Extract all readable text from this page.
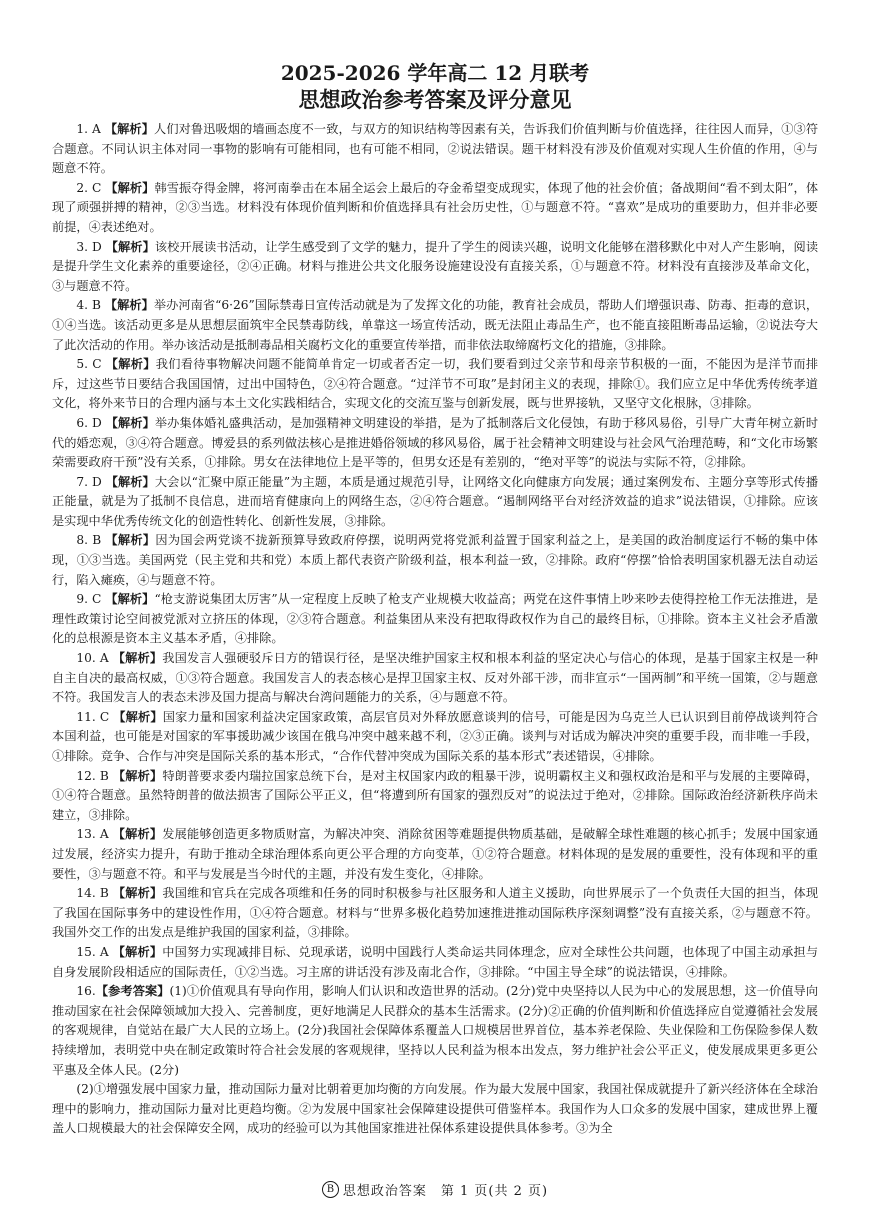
2025-2026 学年高二 12 月联考
思想政治参考答案及评分意见

1. A 【解析】人们对鲁迅吸烟的墙画态度不一致，与双方的知识结构等因素有关，告诉我们价值判断与价值选择，往往因人而异，①③符合题意。不同认识主体对同一事物的影响有可能相同，也有可能不相同，②说法错误。题干材料没有涉及价值观对实现人生价值的作用，④与题意不符。

2. C 【解析】韩雪振夺得金牌，将河南拳击在本届全运会上最后的夺金希望变成现实，体现了他的社会价值；备战期间“看不到太阳”，体现了顽强拼搏的精神，②③当选。材料没有体现价值判断和价值选择具有社会历史性，①与题意不符。“喜欢”是成功的重要助力，但并非必要前提，④表述绝对。

3. D 【解析】该校开展读书活动，让学生感受到了文学的魅力，提升了学生的阅读兴趣，说明文化能够在潜移默化中对人产生影响，阅读是提升学生文化素养的重要途径，②④正确。材料与推进公共文化服务设施建设没有直接关系，①与题意不符。材料没有直接涉及革命文化，③与题意不符。

4. B 【解析】举办河南省“6·26”国际禁毒日宣传活动就是为了发挥文化的功能，教育社会成员，帮助人们增强识毒、防毒、拒毒的意识，①④当选。该活动更多是从思想层面筑牢全民禁毒防线，单靠这一场宣传活动，既无法阻止毒品生产，也不能直接阻断毒品运输，②说法夸大了此次活动的作用。举办该活动是抵制毒品相关腐朽文化的重要宣传举措，而非依法取缔腐朽文化的措施，③排除。

5. C 【解析】我们看待事物解决问题不能简单肯定一切或者否定一切，我们要看到过父亲节和母亲节积极的一面，不能因为是洋节而排斥，过这些节日要结合我国国情，过出中国特色，②④符合题意。“过洋节不可取”是封闭主义的表现，排除①。我们应立足中华优秀传统孝道文化，将外来节日的合理内涵与本土文化实践相结合，实现文化的交流互鉴与创新发展，既与世界接轨，又坚守文化根脉，③排除。

6. D 【解析】举办集体婚礼盛典活动，是加强精神文明建设的举措，是为了抵制落后文化侵蚀，有助于移风易俗，引导广大青年树立新时代的婚恋观，③④符合题意。博爱县的系列做法核心是推进婚俗领域的移风易俗，属于社会精神文明建设与社会风气治理范畴，和“文化市场繁荣需要政府干预”没有关系，①排除。男女在法律地位上是平等的，但男女还是有差别的，“绝对平等”的说法与实际不符，②排除。

7. D 【解析】大会以“汇聚中原正能量”为主题，本质是通过规范引导，让网络文化向健康方向发展；通过案例发布、主题分享等形式传播正能量，就是为了抵制不良信息，进而培育健康向上的网络生态，②④符合题意。“遏制网络平台对经济效益的追求”说法错误，①排除。应该是实现中华优秀传统文化的创造性转化、创新性发展，③排除。

8. B 【解析】因为国会两党谈不拢新预算导致政府停摆，说明两党将党派利益置于国家利益之上，是美国的政治制度运行不畅的集中体现，①③当选。美国两党（民主党和共和党）本质上都代表资产阶级利益，根本利益一致，②排除。政府“停摆”恰恰表明国家机器无法自动运行，陷入瘫痪，④与题意不符。

9. C 【解析】“枪支游说集团太厉害”从一定程度上反映了枪支产业规模大收益高；两党在这件事情上吵来吵去使得控枪工作无法推进，是理性政策讨论空间被党派对立挤压的体现，②③符合题意。利益集团从来没有把取得政权作为自己的最终目标，①排除。资本主义社会矛盾激化的总根源是资本主义基本矛盾，④排除。

10. A 【解析】我国发言人强硬驳斥日方的错误行径，是坚决维护国家主权和根本利益的坚定决心与信心的体现，是基于国家主权是一种自主自决的最高权威，①③符合题意。我国发言人的表态核心是捍卫国家主权、反对外部干涉，而非宣示“一国两制”和平统一国策，②与题意不符。我国发言人的表态未涉及国力提高与解决台湾问题能力的关系，④与题意不符。

11. C 【解析】国家力量和国家利益决定国家政策，高层官员对外释放愿意谈判的信号，可能是因为乌克兰人已认识到目前停战谈判符合本国利益，也可能是对国家的军事援助减少该国在俄乌冲突中越来越不利，②③正确。谈判与对话成为解决冲突的重要手段，而非唯一手段，①排除。竞争、合作与冲突是国际关系的基本形式，“合作代替冲突成为国际关系的基本形式”表述错误，④排除。

12. B 【解析】特朗普要求委内瑞拉国家总统下台，是对主权国家内政的粗暴干涉，说明霸权主义和强权政治是和平与发展的主要障碍，①④符合题意。虽然特朗普的做法损害了国际公平正义，但“将遭到所有国家的强烈反对”的说法过于绝对，②排除。国际政治经济新秩序尚未建立，③排除。

13. A 【解析】发展能够创造更多物质财富，为解决冲突、消除贫困等难题提供物质基础，是破解全球性难题的核心抓手；发展中国家通过发展，经济实力提升，有助于推动全球治理体系向更公平合理的方向变革，①②符合题意。材料体现的是发展的重要性，没有体现和平的重要性，③与题意不符。和平与发展是当今时代的主题，并没有发生变化，④排除。

14. B 【解析】我国维和官兵在完成各项维和任务的同时积极参与社区服务和人道主义援助，向世界展示了一个负责任大国的担当，体现了我国在国际事务中的建设性作用，①④符合题意。材料与“世界多极化趋势加速推进推动国际秩序深刻调整”没有直接关系，②与题意不符。我国外交工作的出发点是维护我国的国家利益，③排除。

15. A 【解析】中国努力实现减排目标、兑现承诺，说明中国践行人类命运共同体理念，应对全球性公共问题，也体现了中国主动承担与自身发展阶段相适应的国际责任，①②当选。习主席的讲话没有涉及南北合作，③排除。“中国主导全球”的说法错误，④排除。

16.【参考答案】(1)①价值观具有导向作用，影响人们认识和改造世界的活动。(2分)党中央坚持以人民为中心的发展思想，这一价值导向推动国家在社会保障领域加大投入、完善制度，更好地满足人民群众的基本生活需求。(2分)②正确的价值判断和价值选择应自觉遵循社会发展的客观规律，自觉站在最广大人民的立场上。(2分)我国社会保障体系覆盖人口规模居世界首位，基本养老保险、失业保险和工伤保险参保人数持续增加，表明党中央在制定政策时符合社会发展的客观规律，坚持以人民利益为根本出发点，努力维护社会公平正义，使发展成果更多更公平惠及全体人民。(2分)

(2)①增强发展中国家力量，推动国际力量对比朝着更加均衡的方向发展。作为最大发展中国家，我国社保成就提升了新兴经济体在全球治理中的影响力，推动国际力量对比更趋均衡。②为发展中国家社会保障建设提供可借鉴样本。我国作为人口众多的发展中国家，建成世界上覆盖人口规模最大的社会保障安全网，成功的经验可以为其他国家推进社保体系建设提供具体参考。③为全

B 思想政治答案　第 1 页(共 2 页)
